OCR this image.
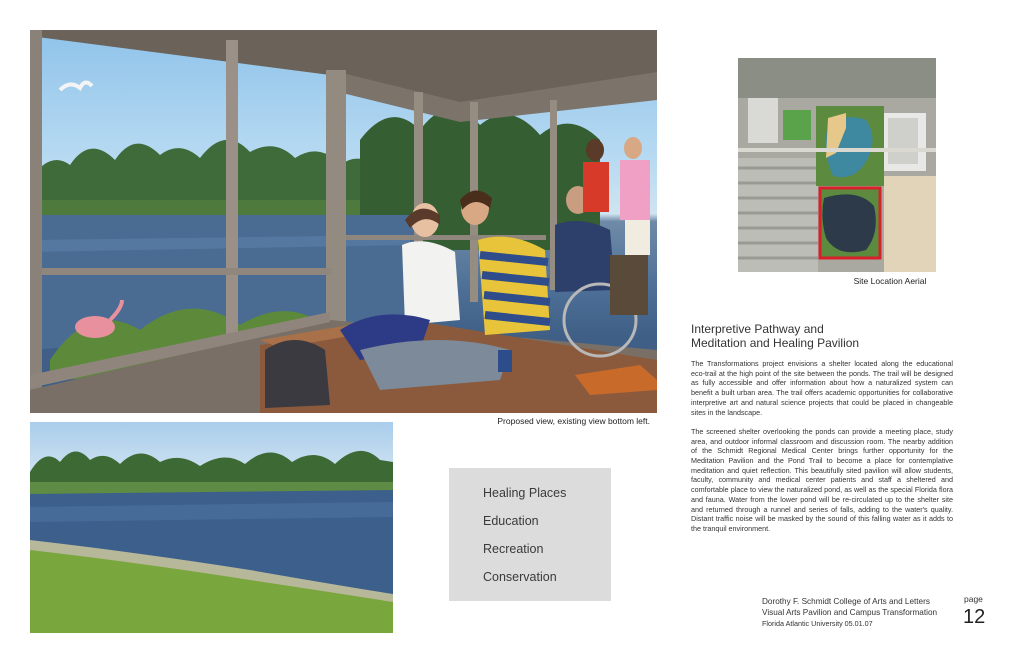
Proposed view, existing view bottom left.
Healing Places
Education
Recreation
Conservation
Site Location Aerial
Interpretive Pathway and
Meditation and Healing Pavilion

The Transformations project envisions a shelter located along the educational eco-trail at the high point of the site between the ponds. The trail will be designed as fully accessible and offer information about how a naturalized system can benefit a built urban area. The trail offers academic opportunities for collaborative interpretive art and natural science projects that could be placed in changeable sites in the landscape.

The screened shelter overlooking the ponds can provide a meeting place, study area, and outdoor informal classroom and discussion room. The nearby addition of the Schmidt Regional Medical Center brings further opportunity for the Meditation Pavilion and the Pond Trail to become a place for contemplative meditation and quiet reflection. This beautifully sited pavilion will allow students, faculty, community and medical center patients and staff a sheltered and comfortable place to view the naturalized pond, as well as the special Florida flora and fauna. Water from the lower pond will be re-circulated up to the shelter site and returned through a runnel and series of falls, adding to the water's quality. Distant traffic noise will be masked by the sound of this falling water as it adds to the tranquil environment.

Dorothy F. Schmidt College of Arts and Letters
Visual Arts Pavilion and Campus Transformation
Florida Atlantic University 05.01.07
page
12
